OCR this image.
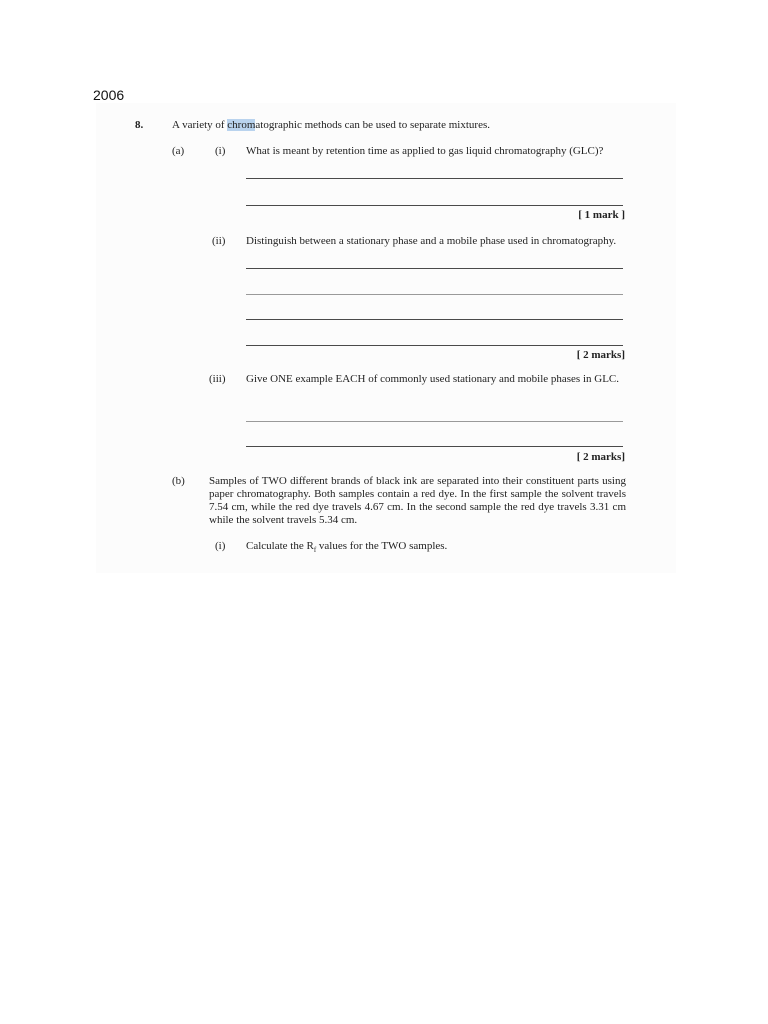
2006
8.	A variety of chromatographic methods can be used to separate mixtures.
(a)	(i) What is meant by retention time as applied to gas liquid chromatography (GLC)?
[ 1 mark ]
(ii) Distinguish between a stationary phase and a mobile phase used in chromatography.
[ 2 marks]
(iii) Give ONE example EACH of commonly used stationary and mobile phases in GLC.
[ 2 marks]
(b) Samples of TWO different brands of black ink are separated into their constituent parts using paper chromatography. Both samples contain a red dye. In the first sample the solvent travels 7.54 cm, while the red dye travels 4.67 cm. In the second sample the red dye travels 3.31 cm while the solvent travels 5.34 cm.
(i) Calculate the $R_f$ values for the TWO samples.
